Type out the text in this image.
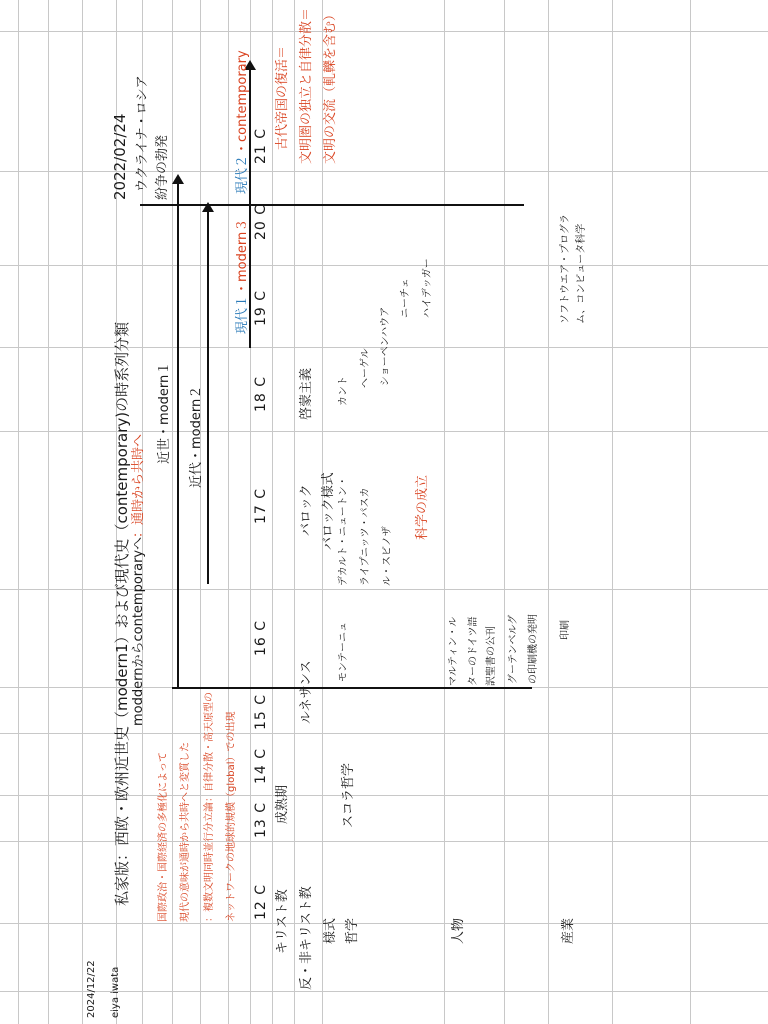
2024/12/22 eiya iwata
私家版：西欧・欧州近世史（modern1）および現代史（contemporary)の時系列分類 moddernからcontemporaryへ
：通時から共時へ
国際政治・国際経済の多極化によって 現代の意味が通時から共時へと変質した ：複数文明同時並行分立論：自律分散・高天原型の ネットワークの地球的規模（global）での出現
2022/02/24 ウクライナ・ロシア 紛争の勃発
近世・modern１ 近代・modern２
現代１・modern３
現代２・contemporary
12 C
13 C
14 C
15 C
16 C
17 C
18 C
19 C
20 C
21 C 古代帝国の復活＝ 文明圏の独立と自律分散＝ 文明の交流（軋轢を含む）
キリスト教 反・非キリスト教 様式 哲学	人物	産業
成熟期
ルネサンス
バロック
啓蒙主義
バロック様式
スコラ哲学
モンテーニュ
デカルト・ニュートン・ ライプニッツ・パスカ ル・スピノザ
科学の成立
カント
ヘーゲル ショーペンハウア
ニーチェ ハイデッガー
マルティン・ル ターのドイツ語 訳聖書の公刊 グーテンベルグ の印刷機の発明 印刷
ソフトウエア・プログラム、コンピュータ科学
